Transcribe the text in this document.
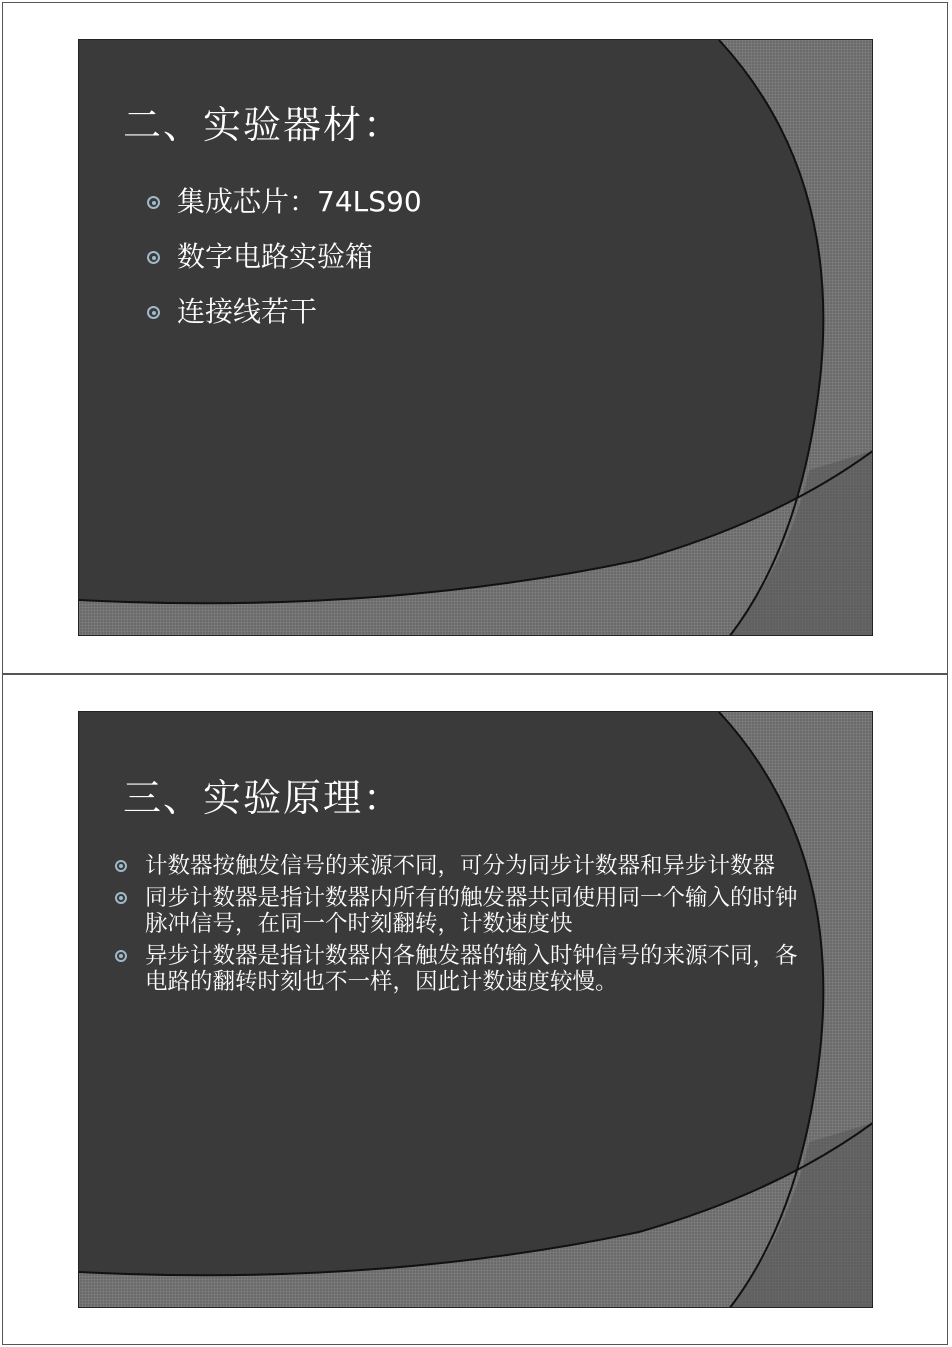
二、实验器材：
集成芯片：74LS90
数字电路实验箱
连接线若干
三、实验原理：
计数器按触发信号的来源不同，可分为同步计数器和异步计数器
同步计数器是指计数器内所有的触发器共同使用同一个输入的时钟脉冲信号，在同一个时刻翻转，计数速度快
异步计数器是指计数器内各触发器的输入时钟信号的来源不同，各电路的翻转时刻也不一样，因此计数速度较慢。
